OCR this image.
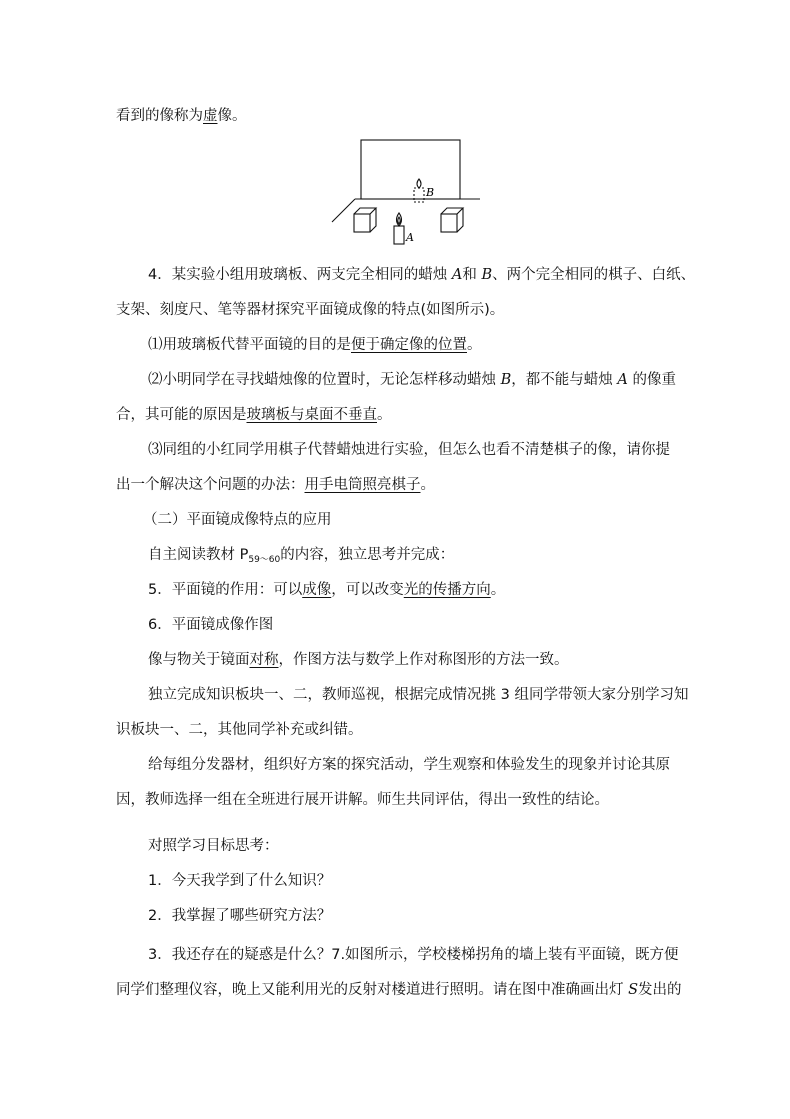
看到的像称为虚像。
B
A
4．某实验小组用玻璃板、两支完全相同的蜡烛 A和 B、两个完全相同的棋子、白纸、
支架、刻度尺、笔等器材探究平面镜成像的特点(如图所示)。
⑴用玻璃板代替平面镜的目的是便于确定像的位置。
⑵小明同学在寻找蜡烛像的位置时，无论怎样移动蜡烛 B，都不能与蜡烛 A 的像重
合，其可能的原因是玻璃板与桌面不垂直。
⑶同组的小红同学用棋子代替蜡烛进行实验，但怎么也看不清楚棋子的像，请你提
出一个解决这个问题的办法：用手电筒照亮棋子。
（二）平面镜成像特点的应用
自主阅读教材 $P_{59\sim 60}$的内容，独立思考并完成：
5．平面镜的作用：可以成像，可以改变光的传播方向。
6．平面镜成像作图
像与物关于镜面对称，作图方法与数学上作对称图形的方法一致。
独立完成知识板块一、二，教师巡视，根据完成情况挑 3 组同学带领大家分别学习知
识板块一、二，其他同学补充或纠错。
给每组分发器材，组织好方案的探究活动，学生观察和体验发生的现象并讨论其原
因，教师选择一组在全班进行展开讲解。师生共同评估，得出一致性的结论。
对照学习目标思考：
1．今天我学到了什么知识？
2．我掌握了哪些研究方法？
3．我还存在的疑惑是什么？7.如图所示，学校楼梯拐角的墙上装有平面镜，既方便
同学们整理仪容，晚上又能利用光的反射对楼道进行照明。请在图中准确画出灯 S发出的
